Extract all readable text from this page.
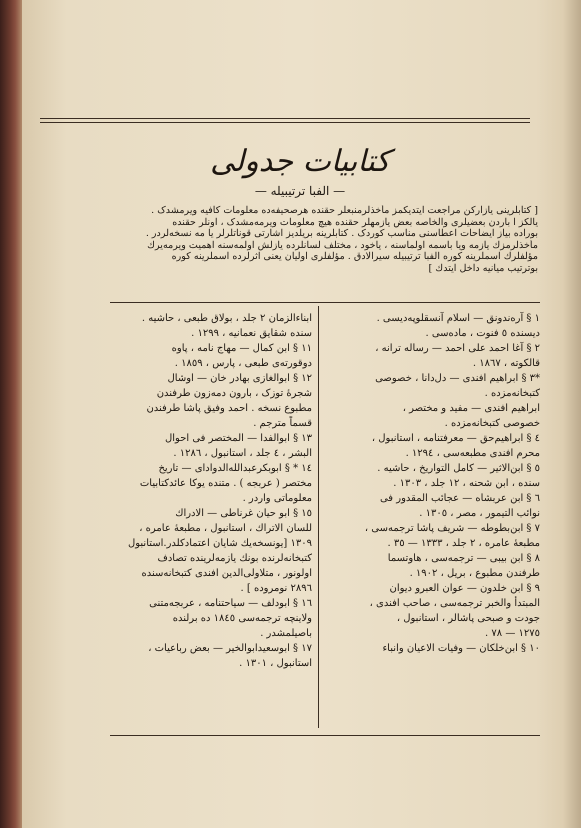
کتابیات جدولی
— الفبا ترتیبیله —
[ کتابلرینی یازارکن مراجعت ایتدیکمز مأخذلرمنبعلر حقنده هرصحیفه‌ده معلومات کافیه ویرمشدک .
یالکز ا باردن بعضیلری والخاصه بعض یازمهلر حقنده هیچ معلومات ویرمه‌مشدک ، اونلر حقنده
بوراده بیاز ایضاحات اعطاسنی مناسب کوردک . کتابلرینه بریلدیز اشارتی قوناتلرلر یا مه نسخه‌لردر .
مأخذلرمزك یازمه ویا باسمه اولماسنه ، یاخود ، مختلف لسانلرده یازلش اولمه‌سنه اهمیت ویرمه‌یرك
مؤلفلرك اسملرینه کوره الفبا ترتیبیله سیرالادق . مؤلفلری اولیان یعنی اثرلرده اسملرینه کوره
بوترتیب میانیه داخل ایتدك ]
١ § آره‌ندونق — اسلام آنسقلوپه‌دیسی .
دیسنده ٥ فنوت ، ماده‌سی .
٢ § آغا احمد علی احمد — رساله ترانه ،
قالکوته ، ١٨٦٧ .
*٣ § ابراهیم افندی — دل‌دانا ، خصوصی
کتبخانه‌مزده .
ابراهیم افندی — مفید و مختصر ،
خصوصی کتبخانه‌مزده .
٤ § ابراهیم‌حق — معرفتنامه ، استانبول ،
محرم افندی مطبعه‌سی ، ١٢٩٤ .
٥ § ابن‌الاثیر — کامل التواریخ ، حاشیه .
سنده ، ابن شحنه ، ١٢ جلد ، ١٣٠٣ .
٦ § ابن عربشاه — عجائب المقدور فی
نوائب التیمور ، مصر ، ١٣٠٥ .
٧ § ابن‌بطوطه — شریف پاشا ترجمه‌سی ،
مطبعهٔ عامره ، ٢ جلد ، ١٣٣٣ — ٣٥ .
٨ § ابن بیبی — ترجمه‌سی ، هاوتسما
طرفندن مطبوع ، بریل ، ١٩٠٢ .
٩ § ابن خلدون — عوان العبرو دیوان
المبتدأ والخبر ترجمه‌سی ، صاحب افندی ،
جودت و صبحی پاشالر ، استانبول ،
١٢٧٥ — ٧٨ .
١٠ § ابن‌خلکان — وفیات الاعیان وانباء
ابناءالزمان ٢ جلد ، بولاق طبعی ، حاشیه .
سنده شقایق نعمانیه ، ١٢٩٩ .
١١ § ابن کمال — مهاج نامه ، پاوه
دوقورته‌ی طبعی ، پارس ، ١٨٥٩ .
١٢ § ابوالغازی بهادر خان — اوشال
شجرهٔ توزک ، بارون دمه‌زون طرفندن
مطبوع نسخه . احمد وفیق پاشا طرفندن
قسماً مترجم .
١٣ § ابوالفدا — المختصر فی احوال
البشر ، ٤ جلد ، استانبول ، ١٢٨٦ .
١٤ * § ابوبکرعبدالله‌الدوادای — تاریخ
مختصر ( عربجه ) . متنده یوکا عائدکتابیات
معلوماتی واردر .
١٥ § ابو حیان غرناطی — الادراك
للسان الاتراك ، استانبول ، مطبعهٔ عامره ،
١٣٠٩ [یونسخه‌یك شایان اعتمادکلدر.استانبول
کتبخانه‌لرنده بونك یازمه‌لرینده تصادف
اولونور ، متلاولی‌الدین افندی کتبخانه‌سنده
٢٨٩٦ نومروده ] .
١٦ § ابودلف — سیاحتنامه ، عربجه‌متنی
ولاینچه ترجمه‌سی ١٨٤٥ ده برلنده
باصیلمشدر .
١٧ § ابوسعیدابوالخیر — بعض رباعیات ،
استانبول ، ١٣٠١ .
